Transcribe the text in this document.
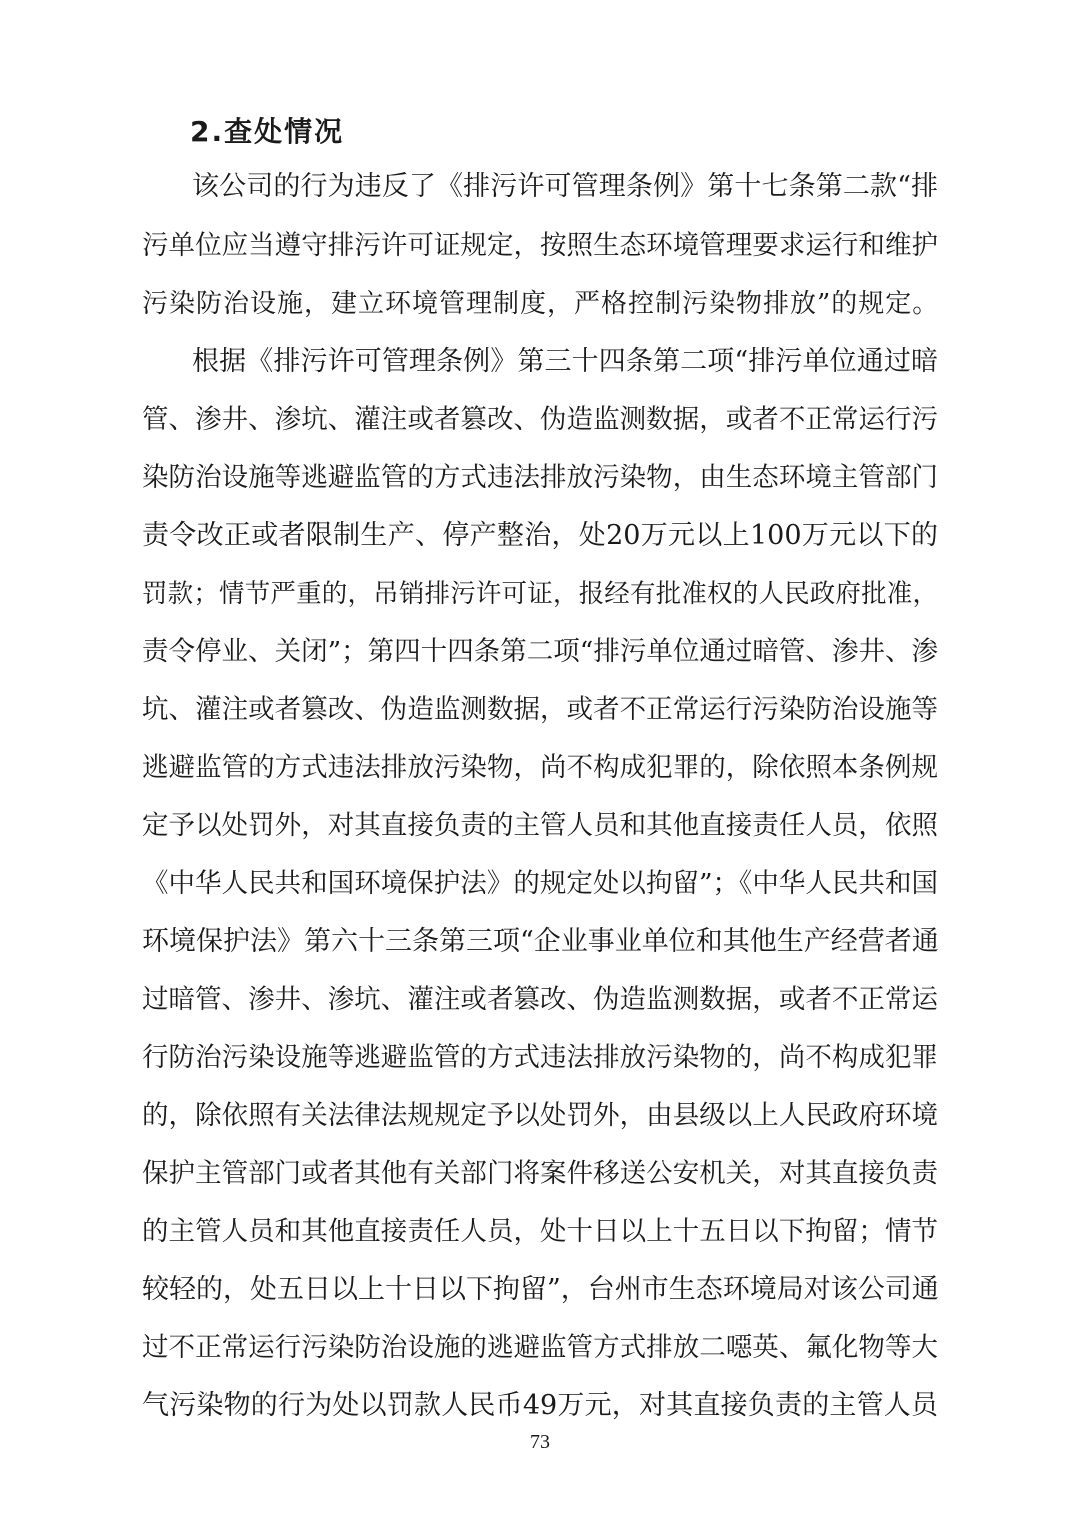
2.查处情况
该公司的行为违反了《排污许可管理条例》第十七条第二款“排
污单位应当遵守排污许可证规定，按照生态环境管理要求运行和维护
污染防治设施，建立环境管理制度，严格控制污染物排放”的规定。
根据《排污许可管理条例》第三十四条第二项“排污单位通过暗
管、渗井、渗坑、灌注或者篡改、伪造监测数据，或者不正常运行污
染防治设施等逃避监管的方式违法排放污染物，由生态环境主管部门
责令改正或者限制生产、停产整治，处20万元以上100万元以下的
罚款；情节严重的，吊销排污许可证，报经有批准权的人民政府批准，
责令停业、关闭”；第四十四条第二项“排污单位通过暗管、渗井、渗
坑、灌注或者篡改、伪造监测数据，或者不正常运行污染防治设施等
逃避监管的方式违法排放污染物，尚不构成犯罪的，除依照本条例规
定予以处罚外，对其直接负责的主管人员和其他直接责任人员，依照
《中华人民共和国环境保护法》的规定处以拘留”；《中华人民共和国
环境保护法》第六十三条第三项“企业事业单位和其他生产经营者通
过暗管、渗井、渗坑、灌注或者篡改、伪造监测数据，或者不正常运
行防治污染设施等逃避监管的方式违法排放污染物的，尚不构成犯罪
的，除依照有关法律法规规定予以处罚外，由县级以上人民政府环境
保护主管部门或者其他有关部门将案件移送公安机关，对其直接负责
的主管人员和其他直接责任人员，处十日以上十五日以下拘留；情节
较轻的，处五日以上十日以下拘留”，台州市生态环境局对该公司通
过不正常运行污染防治设施的逃避监管方式排放二噁英、氟化物等大
气污染物的行为处以罚款人民币49万元，对其直接负责的主管人员
73
